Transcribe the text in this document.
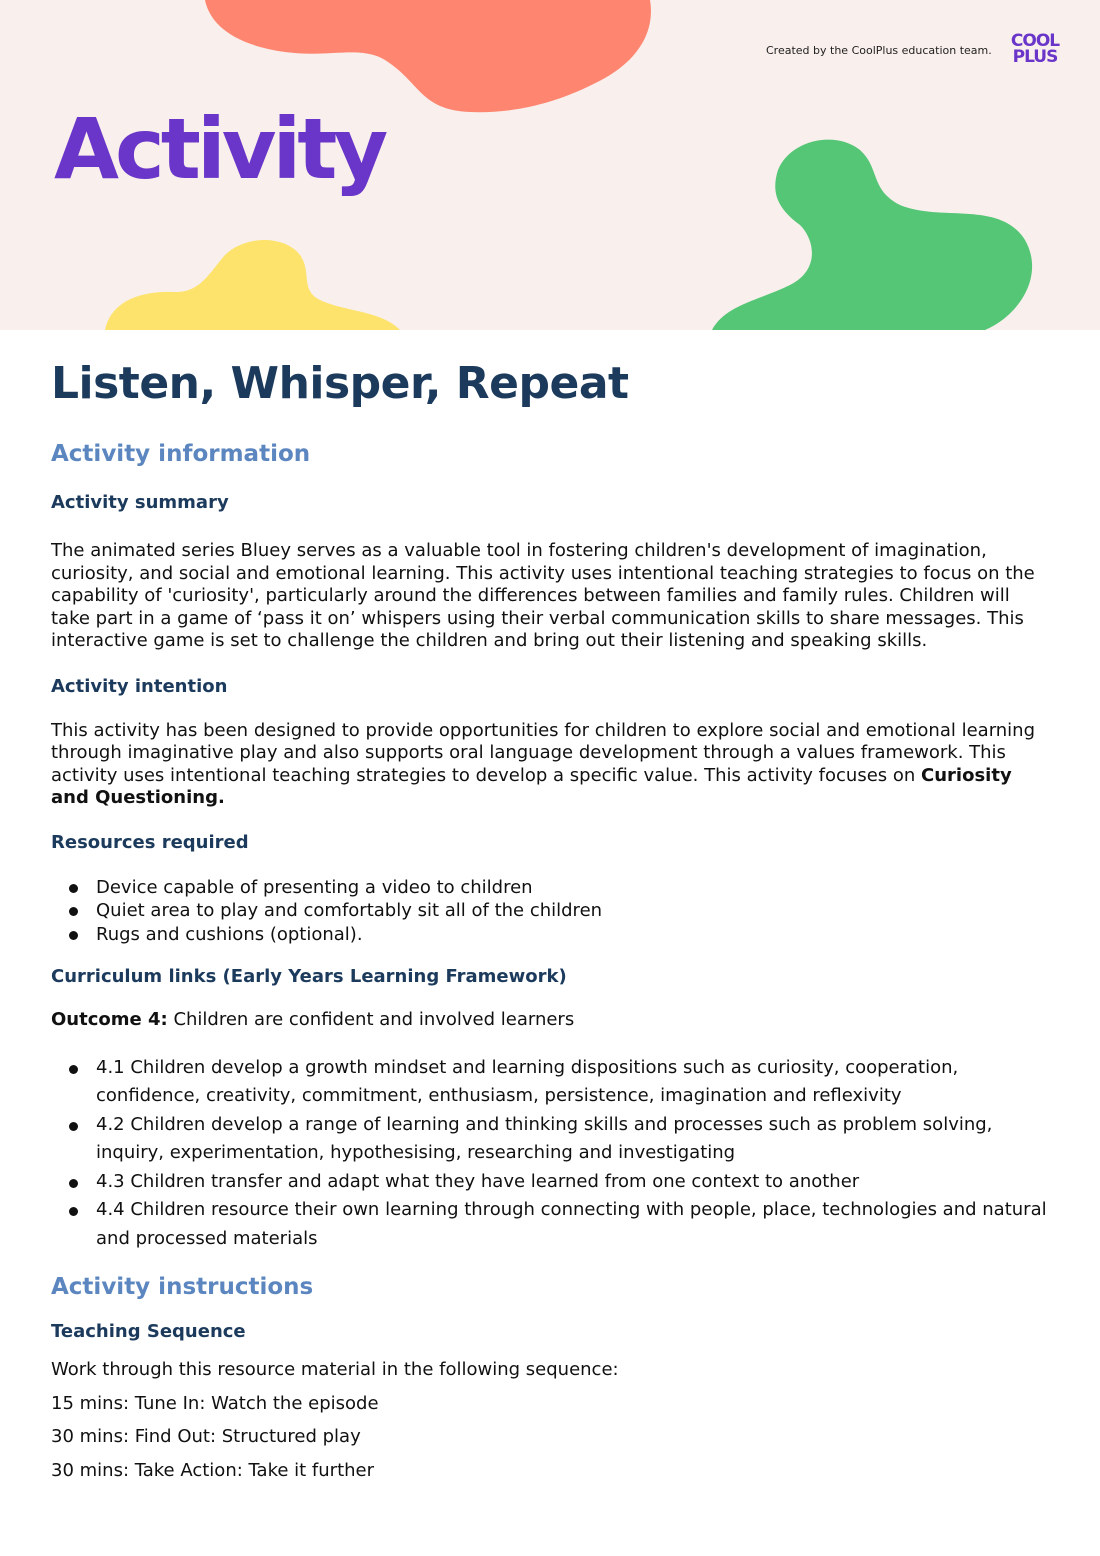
Created by the CoolPlus education team.	COOL
PLUS
Activity
Listen, Whisper, Repeat
Activity information
Activity summary

The animated series Bluey serves as a valuable tool in fostering children's development of imagination, curiosity, and social and emotional learning. This activity uses intentional teaching strategies to focus on the capability of 'curiosity', particularly around the differences between families and family rules. Children will take part in a game of ‘pass it on’ whispers using their verbal communication skills to share messages. This interactive game is set to challenge the children and bring out their listening and speaking skills.

Activity intention

This activity has been designed to provide opportunities for children to explore social and emotional learning through imaginative play and also supports oral language development through a values framework. This activity uses intentional teaching strategies to develop a specific value. This activity focuses on Curiosity and Questioning.

Resources required
Device capable of presenting a video to children
Quiet area to play and comfortably sit all of the children
Rugs and cushions (optional).
Curriculum links (Early Years Learning Framework)

Outcome 4: Children are confident and involved learners

4.1 Children develop a growth mindset and learning dispositions such as curiosity, cooperation, confidence, creativity, commitment, enthusiasm, persistence, imagination and reflexivity
4.2 Children develop a range of learning and thinking skills and processes such as problem solving, inquiry, experimentation, hypothesising, researching and investigating
4.3 Children transfer and adapt what they have learned from one context to another
4.4 Children resource their own learning through connecting with people, place, technologies and natural and processed materials
Activity instructions
Teaching Sequence

Work through this resource material in the following sequence:

15 mins: Tune In: Watch the episode

30 mins: Find Out: Structured play

30 mins: Take Action: Take it further
